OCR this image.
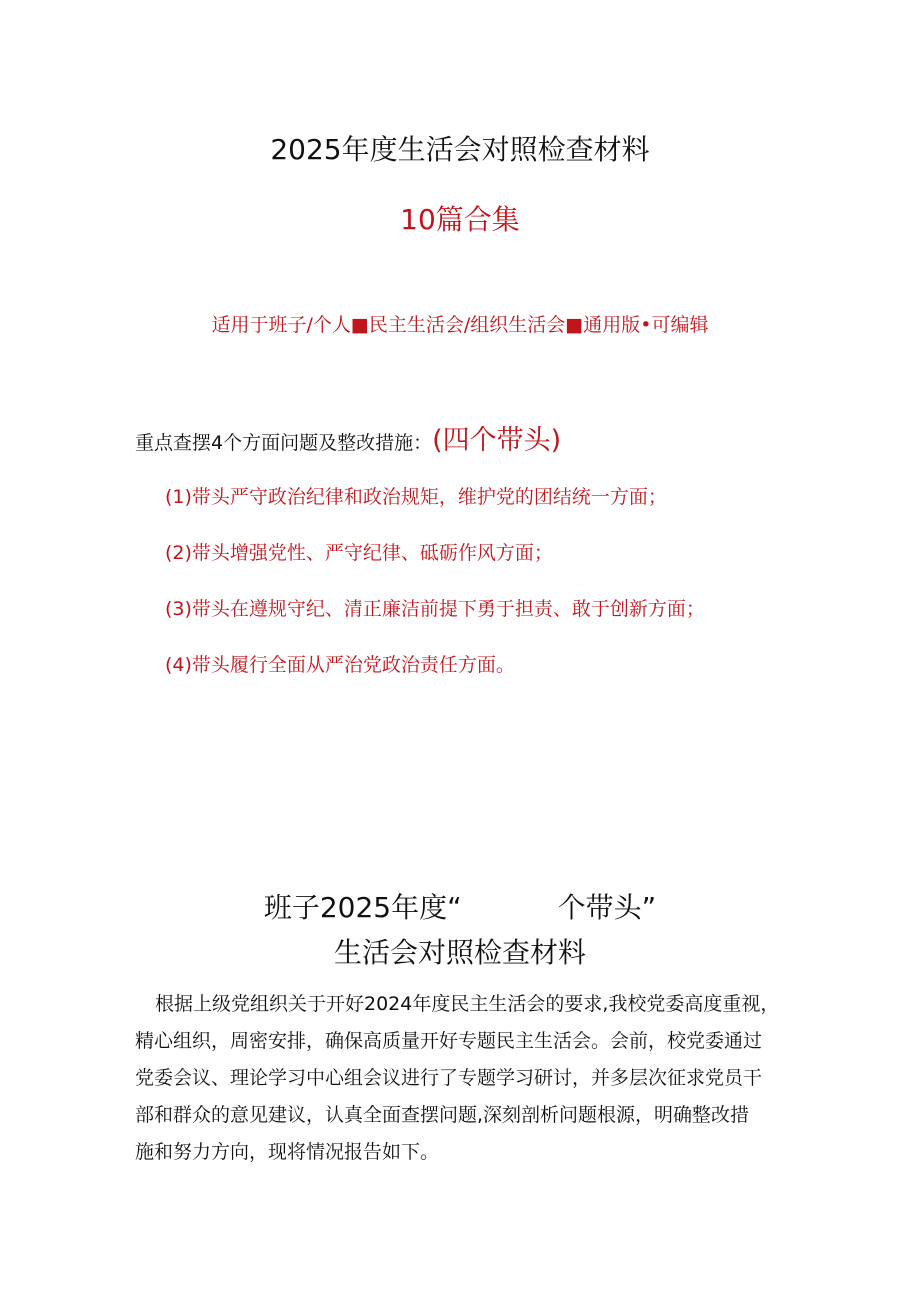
2025年度生活会对照检查材料
10篇合集
适用于班子/个人■民主生活会/组织生活会■通用版•可编辑
重点查摆4个方面问题及整改措施：(四个带头)
(1)带头严守政治纪律和政治规矩，维护党的团结统一方面；
(2)带头增强党性、严守纪律、砥砺作风方面；
(3)带头在遵规守纪、清正廉洁前提下勇于担责、敢于创新方面；
(4)带头履行全面从严治党政治责任方面。
班子2025年度“	个带头”
生活会对照检查材料
根据上级党组织关于开好2024年度民主生活会的要求,我校党委高度重视，
精心组织，周密安排，确保高质量开好专题民主生活会。会前，校党委通过
党委会议、理论学习中心组会议进行了专题学习研讨，并多层次征求党员干
部和群众的意见建议，认真全面查摆问题,深刻剖析问题根源，明确整改措
施和努力方向，现将情况报告如下。
